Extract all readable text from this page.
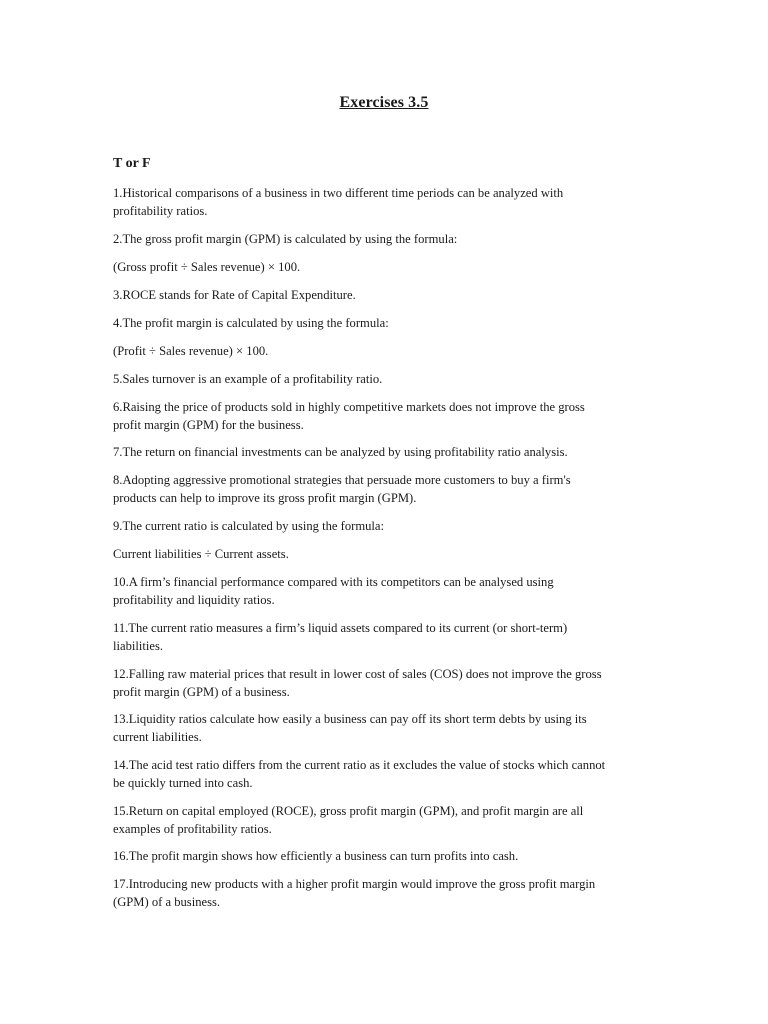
Exercises 3.5
T or F
1.Historical comparisons of a business in two different time periods can be analyzed with
profitability ratios.
2.The gross profit margin (GPM) is calculated by using the formula:
(Gross profit ÷ Sales revenue) × 100.
3.ROCE stands for Rate of Capital Expenditure.
4.The profit margin is calculated by using the formula:
(Profit ÷ Sales revenue) × 100.
5.Sales turnover is an example of a profitability ratio.
6.Raising the price of products sold in highly competitive markets does not improve the gross
profit margin (GPM) for the business.
7.The return on financial investments can be analyzed by using profitability ratio analysis.
8.Adopting aggressive promotional strategies that persuade more customers to buy a firm's
products can help to improve its gross profit margin (GPM).
9.The current ratio is calculated by using the formula:
Current liabilities ÷ Current assets.
10.A firm’s financial performance compared with its competitors can be analysed using
profitability and liquidity ratios.
11.The current ratio measures a firm’s liquid assets compared to its current (or short-term)
liabilities.
12.Falling raw material prices that result in lower cost of sales (COS) does not improve the gross
profit margin (GPM) of a business.
13.Liquidity ratios calculate how easily a business can pay off its short term debts by using its
current liabilities.
14.The acid test ratio differs from the current ratio as it excludes the value of stocks which cannot
be quickly turned into cash.
15.Return on capital employed (ROCE), gross profit margin (GPM), and profit margin are all
examples of profitability ratios.
16.The profit margin shows how efficiently a business can turn profits into cash.
17.Introducing new products with a higher profit margin would improve the gross profit margin
(GPM) of a business.
